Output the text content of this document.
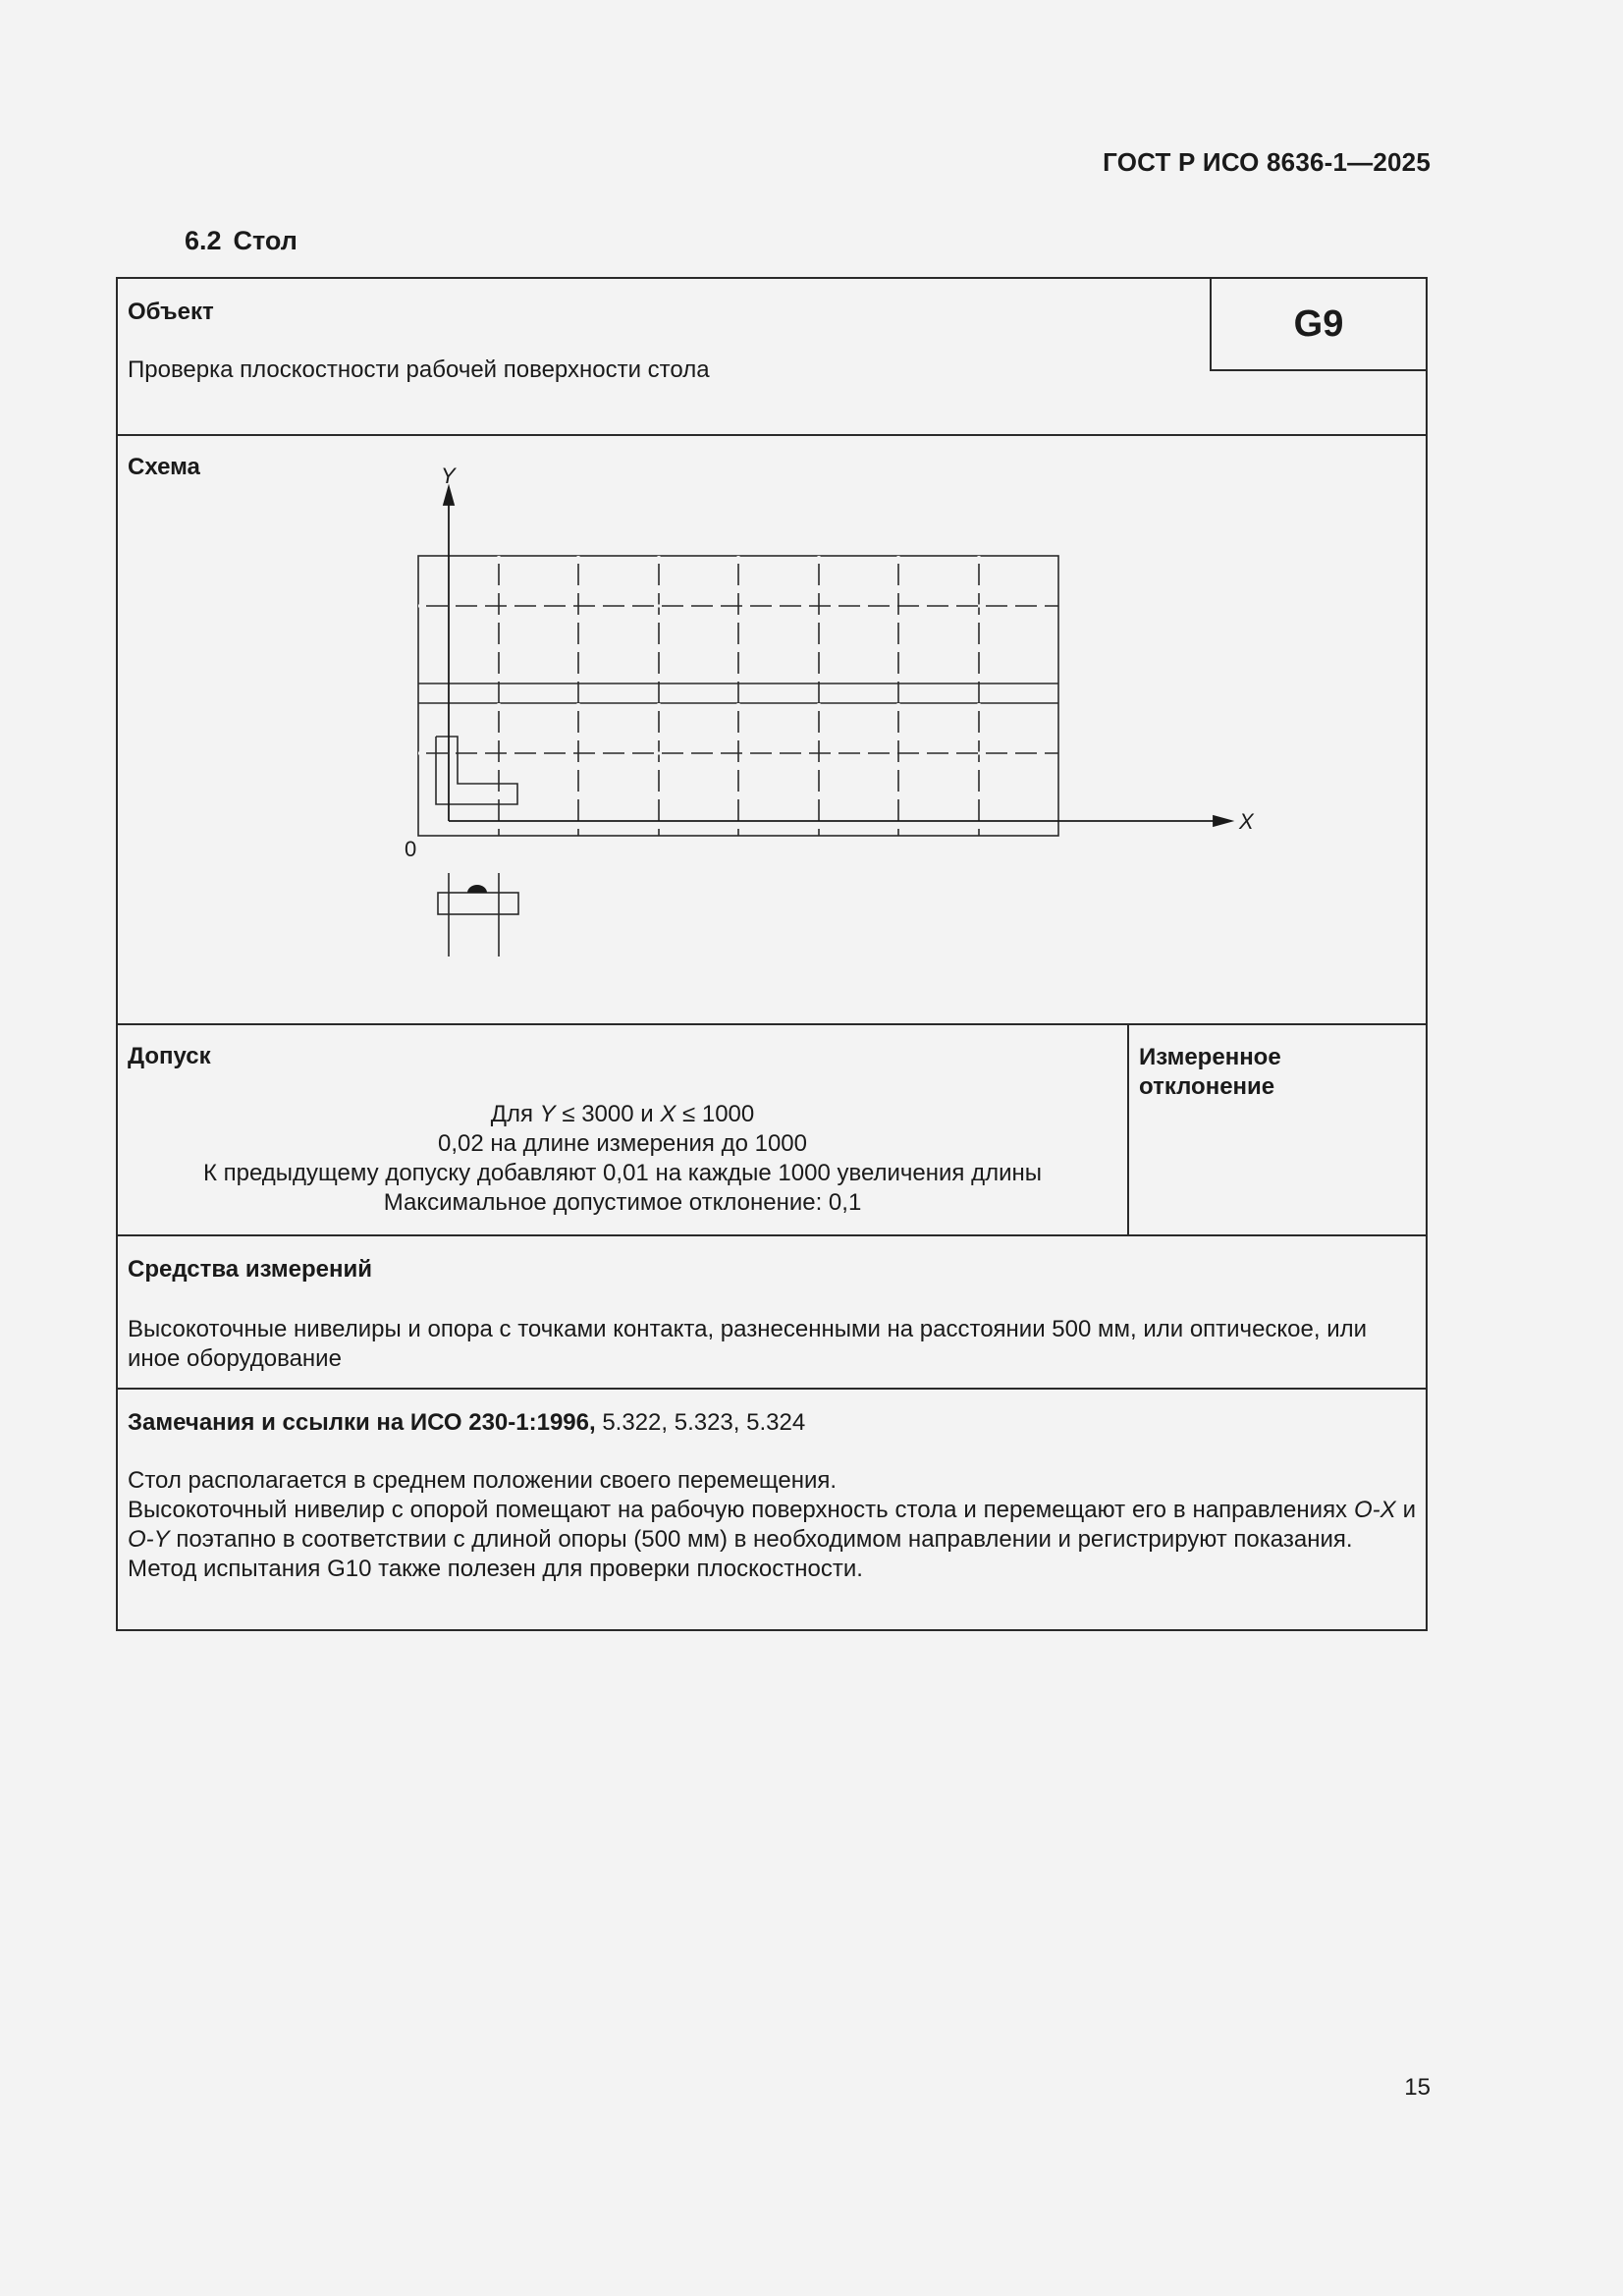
ГОСТ Р ИСО 8636-1—2025
6.2 Стол
Объект
Проверка плоскостности рабочей поверхности стола
G9
Схема	Y
X
0
Допуск
Для Y ≤ 3000 и X ≤ 1000
0,02 на длине измерения до 1000
К предыдущему допуску добавляют 0,01 на каждые 1000 увеличения длины
Максимальное допустимое отклонение: 0,1
Измеренное отклонение
Средства измерений
Высокоточные нивелиры и опора с точками контакта, разнесенными на расстоянии 500 мм, или оптическое, или иное оборудование
Замечания и ссылки на ИСО 230-1:1996, 5.322, 5.323, 5.324

Стол располагается в среднем положении своего перемещения.

Высокоточный нивелир с опорой помещают на рабочую поверхность стола и перемещают его в направлениях O-X и O-Y поэтапно в соответствии с длиной опоры (500 мм) в необходимом направлении и регистрируют показания.

Метод испытания G10 также полезен для проверки плоскостности.

15
